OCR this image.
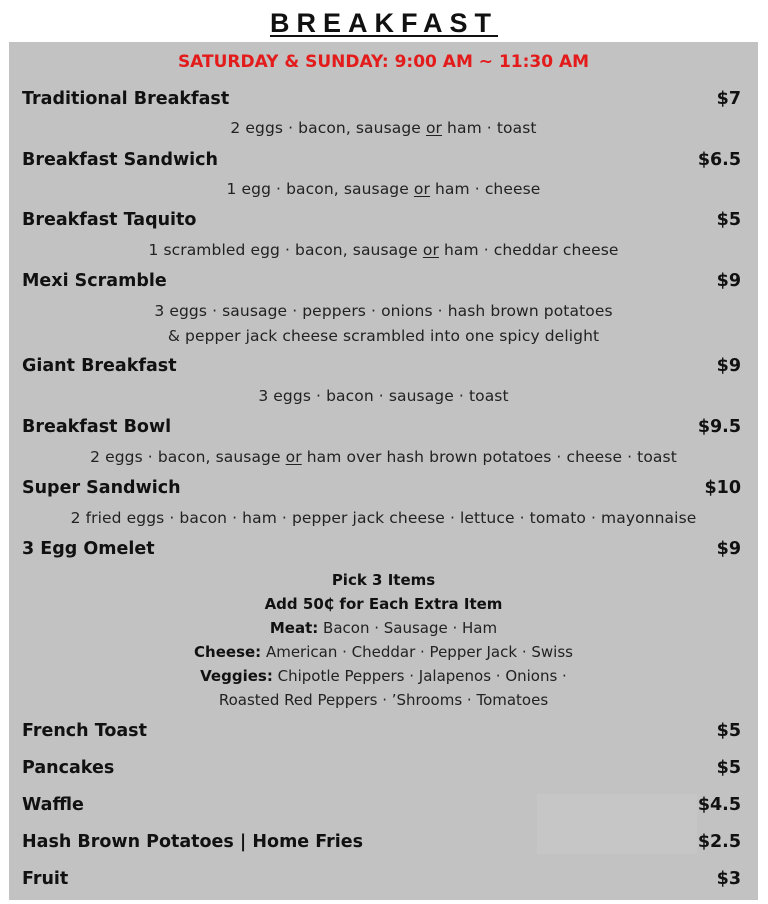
BREAKFAST
SATURDAY & SUNDAY: 9:00 AM ~ 11:30 AM
Traditional Breakfast	$7
2 eggs · bacon, sausage or ham · toast
Breakfast Sandwich	$6.5
1 egg · bacon, sausage or ham · cheese
Breakfast Taquito	$5
1 scrambled egg · bacon, sausage or ham · cheddar cheese
Mexi Scramble	$9
3 eggs · sausage · peppers · onions · hash brown potatoes
& pepper jack cheese scrambled into one spicy delight
Giant Breakfast	$9
3 eggs · bacon · sausage · toast
Breakfast Bowl	$9.5
2 eggs · bacon, sausage or ham over hash brown potatoes · cheese · toast
Super Sandwich	$10
2 fried eggs · bacon · ham · pepper jack cheese · lettuce · tomato · mayonnaise
3 Egg Omelet	$9
Pick 3 Items
Add 50₵ for Each Extra Item
Meat: Bacon · Sausage · Ham
Cheese: American · Cheddar · Pepper Jack · Swiss
Veggies: Chipotle Peppers · Jalapenos · Onions ·
Roasted Red Peppers · ’Shrooms · Tomatoes
French Toast	$5
Pancakes	$5
Waffle	$4.5
Hash Brown Potatoes | Home Fries	$2.5
Fruit	$3
